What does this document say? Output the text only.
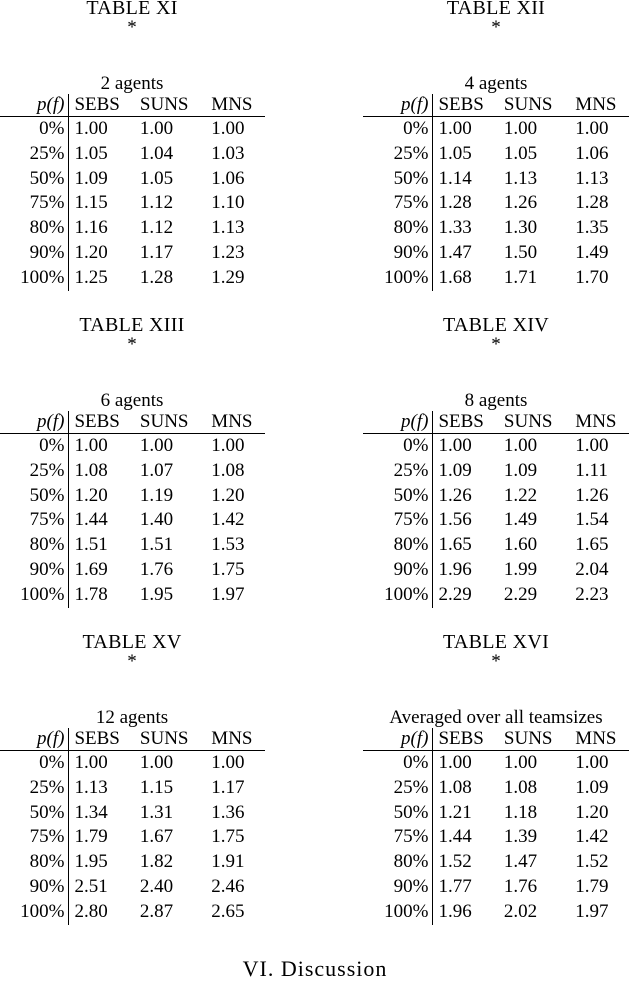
TABLE XI
*
2 agents
p(f)	SEBS	SUNS	MNS
0%	1.00	1.00	1.00
25%	1.05	1.04	1.03
50%	1.09	1.05	1.06
75%	1.15	1.12	1.10
80%	1.16	1.12	1.13
90%	1.20	1.17	1.23
100%	1.25	1.28	1.29
TABLE XII
*
4 agents
p(f)	SEBS	SUNS	MNS
0%	1.00	1.00	1.00
25%	1.05	1.05	1.06
50%	1.14	1.13	1.13
75%	1.28	1.26	1.28
80%	1.33	1.30	1.35
90%	1.47	1.50	1.49
100%	1.68	1.71	1.70
TABLE XIII
*
6 agents
p(f)	SEBS	SUNS	MNS
0%	1.00	1.00	1.00
25%	1.08	1.07	1.08
50%	1.20	1.19	1.20
75%	1.44	1.40	1.42
80%	1.51	1.51	1.53
90%	1.69	1.76	1.75
100%	1.78	1.95	1.97
TABLE XIV
*
8 agents
p(f)	SEBS	SUNS	MNS
0%	1.00	1.00	1.00
25%	1.09	1.09	1.11
50%	1.26	1.22	1.26
75%	1.56	1.49	1.54
80%	1.65	1.60	1.65
90%	1.96	1.99	2.04
100%	2.29	2.29	2.23
TABLE XV
*
12 agents
p(f)	SEBS	SUNS	MNS
0%	1.00	1.00	1.00
25%	1.13	1.15	1.17
50%	1.34	1.31	1.36
75%	1.79	1.67	1.75
80%	1.95	1.82	1.91
90%	2.51	2.40	2.46
100%	2.80	2.87	2.65
TABLE XVI
*
Averaged over all teamsizes
p(f)	SEBS	SUNS	MNS
0%	1.00	1.00	1.00
25%	1.08	1.08	1.09
50%	1.21	1.18	1.20
75%	1.44	1.39	1.42
80%	1.52	1.47	1.52
90%	1.77	1.76	1.79
100%	1.96	2.02	1.97
VI. Discussion
